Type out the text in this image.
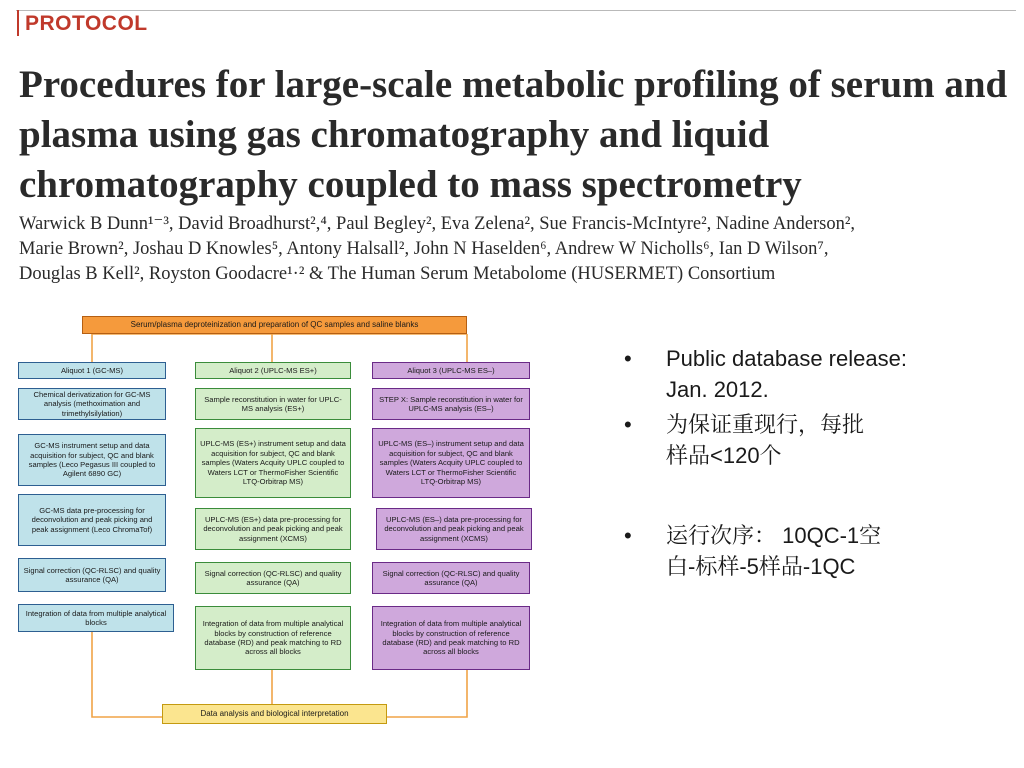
PROTOCOL
Procedures for large-scale metabolic profiling of serum and plasma using gas chromatography and liquid chromatography coupled to mass spectrometry

Warwick B Dunn¹⁻³, David Broadhurst²,⁴, Paul Begley², Eva Zelena², Sue Francis-McIntyre², Nadine Anderson²,
Marie Brown², Joshau D Knowles⁵, Antony Halsall², John N Haselden⁶, Andrew W Nicholls⁶, Ian D Wilson⁷,
Douglas B Kell², Royston Goodacre¹·² & The Human Serum Metabolome (HUSERMET) Consortium

Serum/plasma deproteinization and preparation of QC samples and saline blanks
Aliquot 1 (GC-MS)
Chemical derivatization for GC-MS analysis (methoximation and trimethylsilylation)
GC-MS instrument setup and data acquisition for subject, QC and blank samples (Leco Pegasus III coupled to Agilent 6890 GC)
GC-MS data pre-processing for deconvolution and peak picking and peak assignment (Leco ChromaTof)
Signal correction (QC-RLSC) and quality assurance (QA)
Integration of data from multiple analytical blocks
Aliquot 2 (UPLC-MS ES+)
Sample reconstitution in water for UPLC-MS analysis (ES+)
UPLC-MS (ES+) instrument setup and data acquisition for subject, QC and blank samples (Waters Acquity UPLC coupled to Waters LCT or ThermoFisher Scientific LTQ-Orbitrap MS)
UPLC-MS (ES+) data pre-processing for deconvolution and peak picking and peak assignment (XCMS)
Signal correction (QC-RLSC) and quality assurance (QA)
Integration of data from multiple analytical blocks by construction of reference database (RD) and peak matching to RD across all blocks
Aliquot 3 (UPLC-MS ES–)
STEP X: Sample reconstitution in water for UPLC-MS analysis (ES–)
UPLC-MS (ES–) instrument setup and data acquisition for subject, QC and blank samples (Waters Acquity UPLC coupled to Waters LCT or ThermoFisher Scientific LTQ-Orbitrap MS)
UPLC-MS (ES–) data pre-processing for deconvolution and peak picking and peak assignment (XCMS)
Signal correction (QC-RLSC) and quality assurance (QA)
Integration of data from multiple analytical blocks by construction of reference database (RD) and peak matching to RD across all blocks
Data analysis and biological interpretation
• Public database release:
Jan. 2012.
• 为保证重现行，每批
样品<120个
• 运行次序： 10QC-1空
白-标样-5样品-1QC
